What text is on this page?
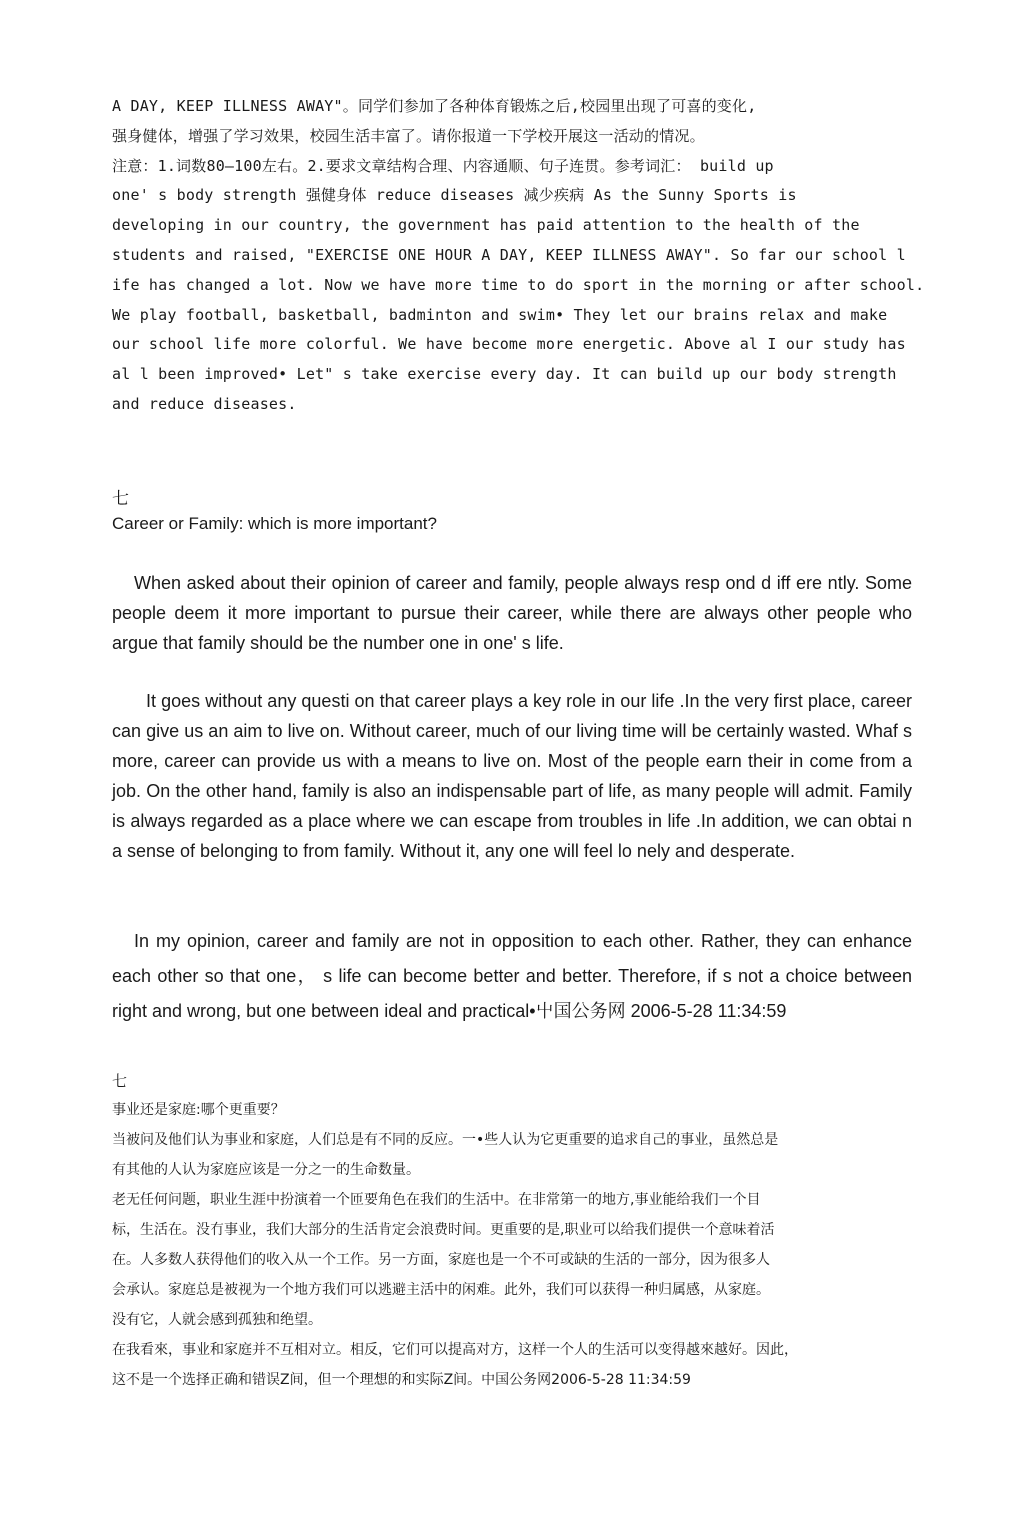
A DAY, KEEP ILLNESS AWAY"。同学们参加了各种体育锻炼之后,校园里出现了可喜的变化,
强身健体，增强了学习效果，校园生活丰富了。请你报道一下学校开展这一活动的情况。
注意：1.词数80—100左右。2.要求文章结构合理、内容通顺、句子连贯。参考词汇： build up
one' s body strength 强健身体 reduce diseases 减少疾病 As the Sunny Sports is
developing in our country, the government has paid attention to the health of the
students and raised, "EXERCISE ONE HOUR A DAY, KEEP ILLNESS AWAY". So far our school l
ife has changed a lot. Now we have more time to do sport in the morning or after school.
We play football, basketball, badminton and swim• They let our brains relax and make
our school life more colorful. We have become more energetic. Above al I our study has
al l been improved• Let" s take exercise every day. It can build up our body strength
and reduce diseases.
七
Career or Family: which is more important?
When asked about their opinion of career and family, people always resp ond d iff ere ntly. Some people deem it more important to pursue their career, while there are always other people who argue that family should be the number one in one' s life.
It goes without any questi on that career plays a key role in our life .In the very first place, career can give us an aim to live on. Without career, much of our living time will be certainly wasted. Whaf s more, career can provide us with a means to live on. Most of the people earn their in come from a job. On the other hand, family is also an indispensable part of life, as many people will admit. Family is always regarded as a place where we can escape from troubles in life .In addition, we can obtai n a sense of belonging to from family. Without it, any one will feel lo nely and desperate.
In my opinion, career and family are not in opposition to each other. Rather, they can enhance each other so that one， s life can become better and better. Therefore, if s not a choice between right and wrong, but one between ideal and practical•屮国公务网 2006-5-28 11:34:59
七
事业还是家庭:哪个更重要？
当被问及他们认为事业和家庭，人们总是有不同的反应。一•些人认为它更重要的追求自己的事业，虽然总是
有其他的人认为家庭应该是一分之一的生命数量。
老无任何问题，职业生涯中扮演着一个匝要角色在我们的生活中。在非常第一的地方,事业能给我们一个目
标，生活在。没冇事业，我们大部分的生活肯定会浪费时间。更重要的是,职业可以给我们提供一个意味着活
在。人多数人获得他们的收入从一个工作。另一方面，家庭也是一个不可或缺的生活的一部分，因为很多人
会承认。家庭总是被视为一个地方我们可以逃避主活中的闲难。此外，我们可以获得一种归属感，从家庭。
没有它，人就会感到孤独和绝望。
在我看來，事业和家庭并不互相对立。相反，它们可以提高对方，这样一个人的生活可以变得越來越好。因此，
这不是一个选择正确和错误Z间，但一个理想的和实际Z间。中国公务网2006-5-28 11:34:59
